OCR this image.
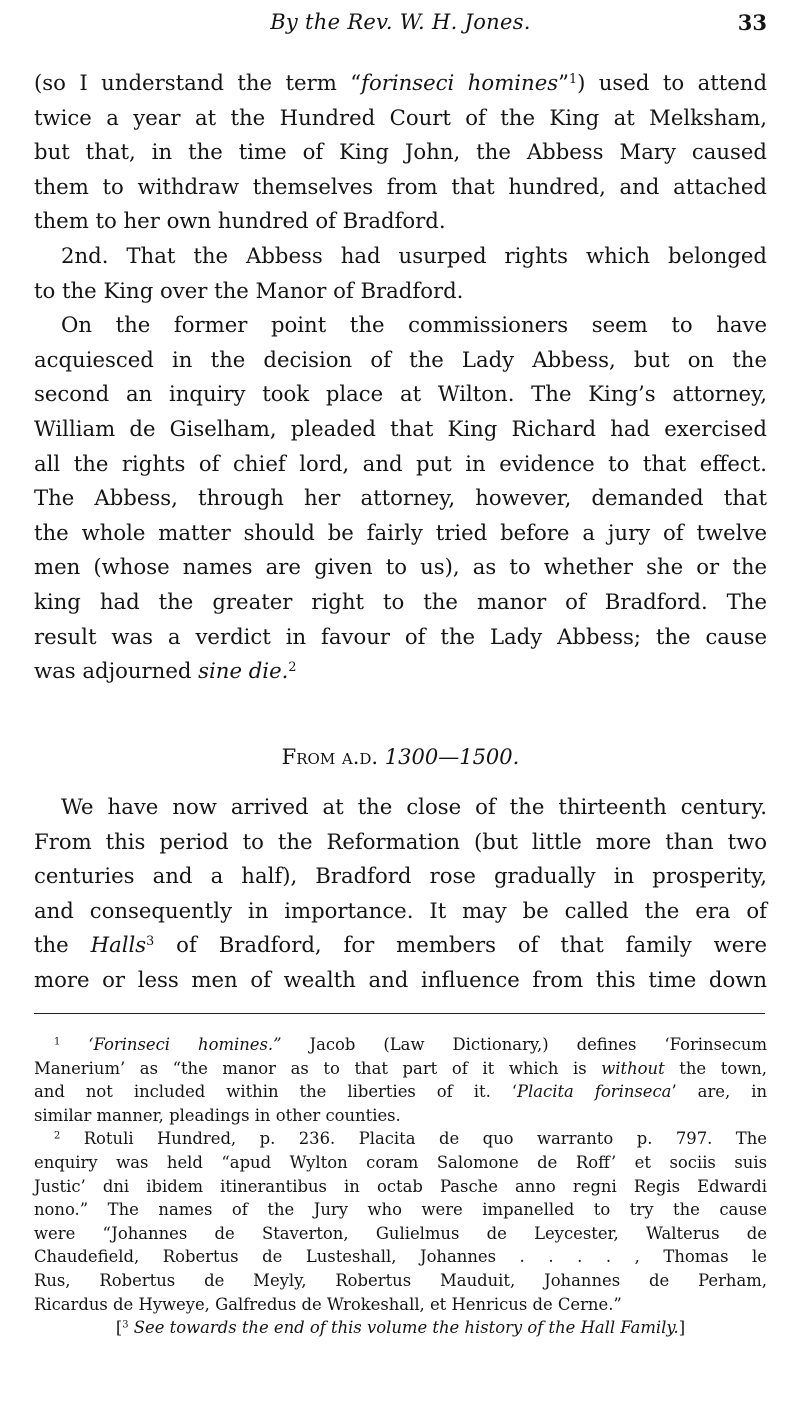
By the Rev. W. H. Jones.	33

(so I understand the term “forinseci homines”$^1$) used to attend
twice a year at the Hundred Court of the King at Melksham,
but that, in the time of King John, the Abbess Mary caused
them to withdraw themselves from that hundred, and attached
them to her own hundred of Bradford.

2nd. That the Abbess had usurped rights which belonged
to the King over the Manor of Bradford.

On the former point the commissioners seem to have
acquiesced in the decision of the Lady Abbess, but on the
second an inquiry took place at Wilton. The King’s attorney,
William de Giselham, pleaded that King Richard had exercised
all the rights of chief lord, and put in evidence to that effect.
The Abbess, through her attorney, however, demanded that
the whole matter should be fairly tried before a jury of twelve
men (whose names are given to us), as to whether she or the
king had the greater right to the manor of Bradford. The
result was a verdict in favour of the Lady Abbess; the cause
was adjourned sine die.$^2$

From a.d. 1300—1500.

We have now arrived at the close of the thirteenth century.
From this period to the Reformation (but little more than two
centuries and a half), Bradford rose gradually in prosperity,
and consequently in importance. It may be called the era of
the Halls$^3$ of Bradford, for members of that family were
more or less men of wealth and influence from this time down

$^1$ ‘Forinseci homines.” Jacob (Law Dictionary,) defines ‘Forinsecum
Manerium’ as “the manor as to that part of it which is without the town,
and not included within the liberties of it. ‘Placita forinseca’ are, in
similar manner, pleadings in other counties.
$^2$ Rotuli Hundred, p. 236. Placita de quo warranto p. 797. The
enquiry was held “apud Wylton coram Salomone de Roff’ et sociis suis
Justic’ dni ibidem itinerantibus in octab Pasche anno regni Regis Edwardi
nono.” The names of the Jury who were impanelled to try the cause
were “Johannes de Staverton, Gulielmus de Leycester, Walterus de
Chaudefield, Robertus de Lusteshall, Johannes . . . . , Thomas le
Rus, Robertus de Meyly, Robertus Mauduit, Johannes de Perham,
Ricardus de Hyweye, Galfredus de Wrokeshall, et Henricus de Cerne.”
[$^3$ See towards the end of this volume the history of the Hall Family.]
